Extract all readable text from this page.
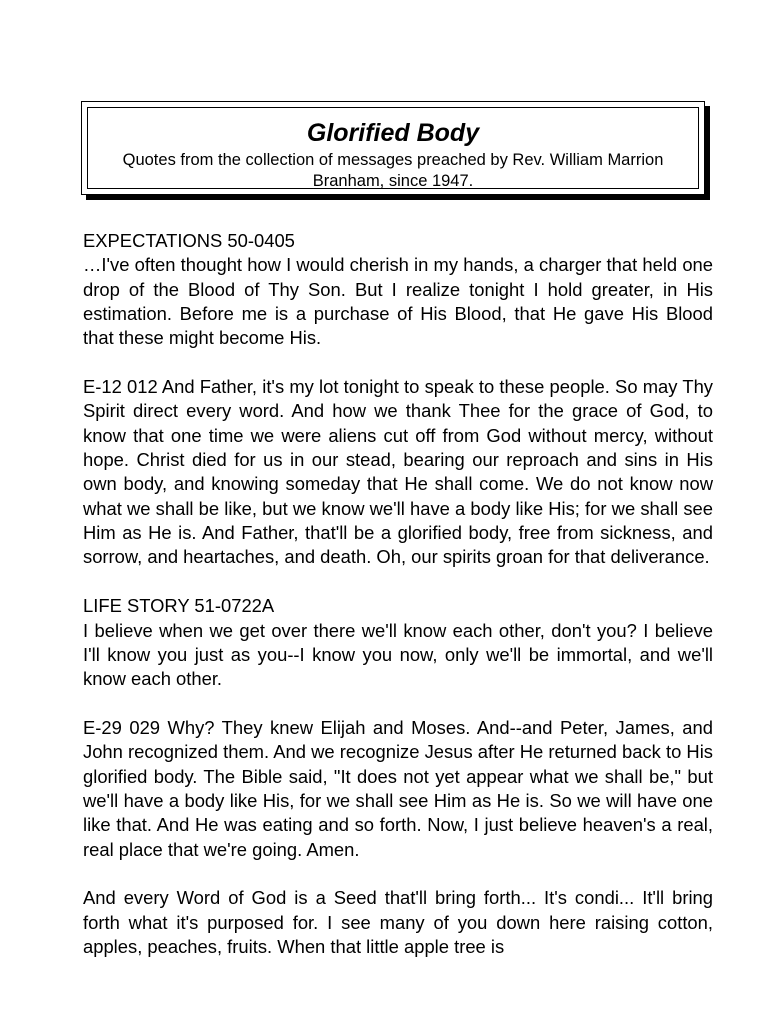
Glorified Body
Quotes from the collection of messages preached by Rev. William Marrion Branham, since 1947.
EXPECTATIONS 50-0405
…I've often thought how I would cherish in my hands, a charger that held one drop of the Blood of Thy Son. But I realize tonight I hold greater, in His estimation. Before me is a purchase of His Blood, that He gave His Blood that these might become His.
E-12 012 And Father, it's my lot tonight to speak to these people. So may Thy Spirit direct every word. And how we thank Thee for the grace of God, to know that one time we were aliens cut off from God without mercy, without hope. Christ died for us in our stead, bearing our reproach and sins in His own body, and knowing someday that He shall come. We do not know now what we shall be like, but we know we'll have a body like His; for we shall see Him as He is. And Father, that'll be a glorified body, free from sickness, and sorrow, and heartaches, and death. Oh, our spirits groan for that deliverance.
LIFE STORY 51-0722A
I believe when we get over there we'll know each other, don't you? I believe I'll know you just as you--I know you now, only we'll be immortal, and we'll know each other.
E-29 029 Why? They knew Elijah and Moses. And--and Peter, James, and John recognized them. And we recognize Jesus after He returned back to His glorified body. The Bible said, "It does not yet appear what we shall be," but we'll have a body like His, for we shall see Him as He is. So we will have one like that. And He was eating and so forth. Now, I just believe heaven's a real, real place that we're going. Amen.
And every Word of God is a Seed that'll bring forth... It's condi... It'll bring forth what it's purposed for. I see many of you down here raising cotton, apples, peaches, fruits. When that little apple tree is
